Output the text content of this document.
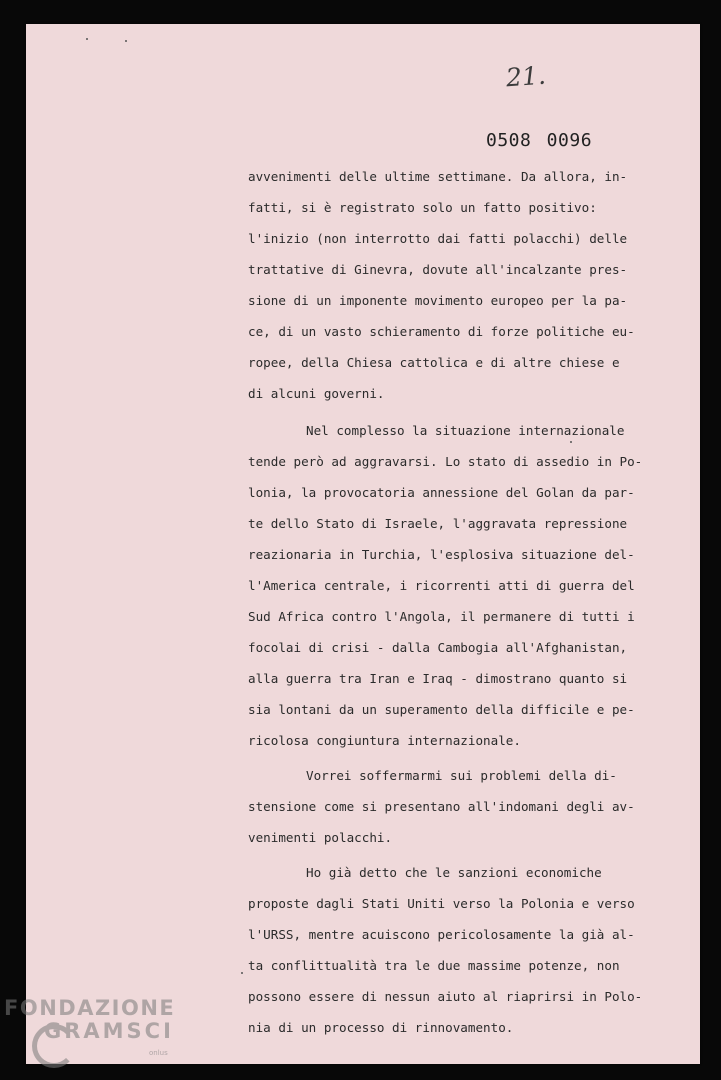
21.
0508 0096

avvenimenti delle ultime settimane. Da allora, in-

fatti, si è registrato solo un fatto positivo:

l'inizio (non interrotto dai fatti polacchi) delle

trattative di Ginevra, dovute all'incalzante pres-

sione di un imponente movimento europeo per la pa-

ce, di un vasto schieramento di forze politiche eu-

ropee, della Chiesa cattolica e di altre chiese e

di alcuni governi.

Nel complesso la situazione internazionale

tende però ad aggravarsi. Lo stato di assedio in Po-

lonia, la provocatoria annessione del Golan da par-

te dello Stato di Israele, l'aggravata repressione

reazionaria in Turchia, l'esplosiva situazione del-

l'America centrale, i ricorrenti atti di guerra del

Sud Africa contro l'Angola, il permanere di tutti i

focolai di crisi - dalla Cambogia all'Afghanistan,

alla guerra tra Iran e Iraq - dimostrano quanto si

sia lontani da un superamento della difficile e pe-

ricolosa congiuntura internazionale.

Vorrei soffermarmi sui problemi della di-

stensione come si presentano all'indomani degli av-

venimenti polacchi.

Ho già detto che le sanzioni economiche

proposte dagli Stati Uniti verso la Polonia e verso

l'URSS, mentre acuiscono pericolosamente la già al-

ta conflittualità tra le due massime potenze, non

possono essere di nessun aiuto al riaprirsi in Polo-

nia di un processo di rinnovamento.

FONDAZIONE
GRAMSCI
onlus
